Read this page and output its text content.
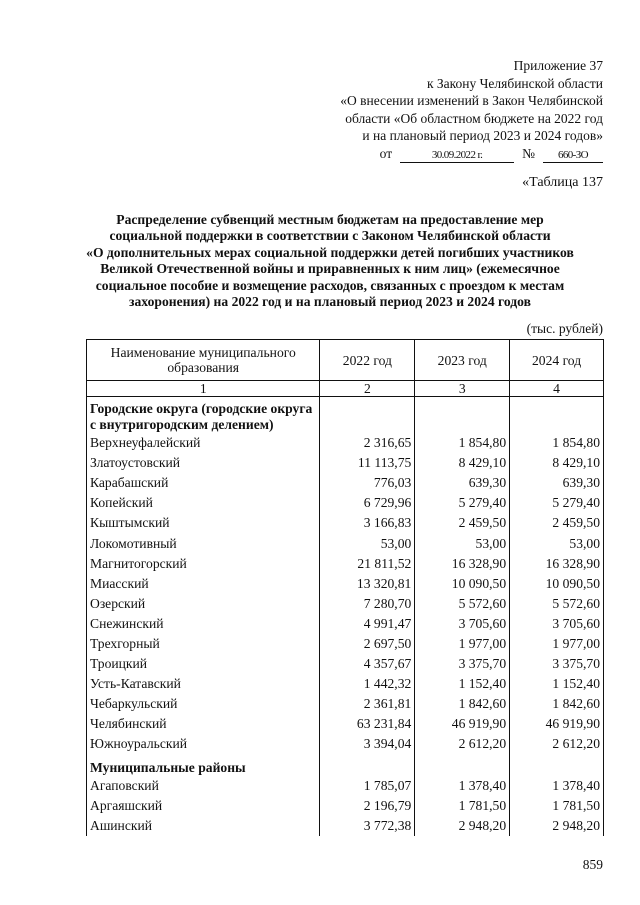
Приложение 37
к Закону Челябинской области
«О внесении изменений в Закон Челябинской
области «Об областном бюджете на 2022 год
и на плановый период 2023 и 2024 годов»
от	30.09.2022 г.	№	660-ЗО
«Таблица 137
Распределение субвенций местным бюджетам на предоставление мер
социальной поддержки в соответствии с Законом Челябинской области
«О дополнительных мерах социальной поддержки детей погибших участников
Великой Отечественной войны и приравненных к ним лиц» (ежемесячное
социальное пособие и возмещение расходов, связанных с проездом к местам
захоронения) на 2022 год и на плановый период 2023 и 2024 годов
(тыс. рублей)
Наименование муниципального образования	2022 год	2023 год	2024 год
1	2	3	4
Городские округа (городские округа с внутригородским делением)			
Верхнеуфалейский	2 316,65	1 854,80	1 854,80
Златоустовский	11 113,75	8 429,10	8 429,10
Карабашский	776,03	639,30	639,30
Копейский	6 729,96	5 279,40	5 279,40
Кыштымский	3 166,83	2 459,50	2 459,50
Локомотивный	53,00	53,00	53,00
Магнитогорский	21 811,52	16 328,90	16 328,90
Миасский	13 320,81	10 090,50	10 090,50
Озерский	7 280,70	5 572,60	5 572,60
Снежинский	4 991,47	3 705,60	3 705,60
Трехгорный	2 697,50	1 977,00	1 977,00
Троицкий	4 357,67	3 375,70	3 375,70
Усть-Катавский	1 442,32	1 152,40	1 152,40
Чебаркульский	2 361,81	1 842,60	1 842,60
Челябинский	63 231,84	46 919,90	46 919,90
Южноуральский	3 394,04	2 612,20	2 612,20
Муниципальные районы			
Агаповский	1 785,07	1 378,40	1 378,40
Аргаяшский	2 196,79	1 781,50	1 781,50
Ашинский	3 772,38	2 948,20	2 948,20
859
